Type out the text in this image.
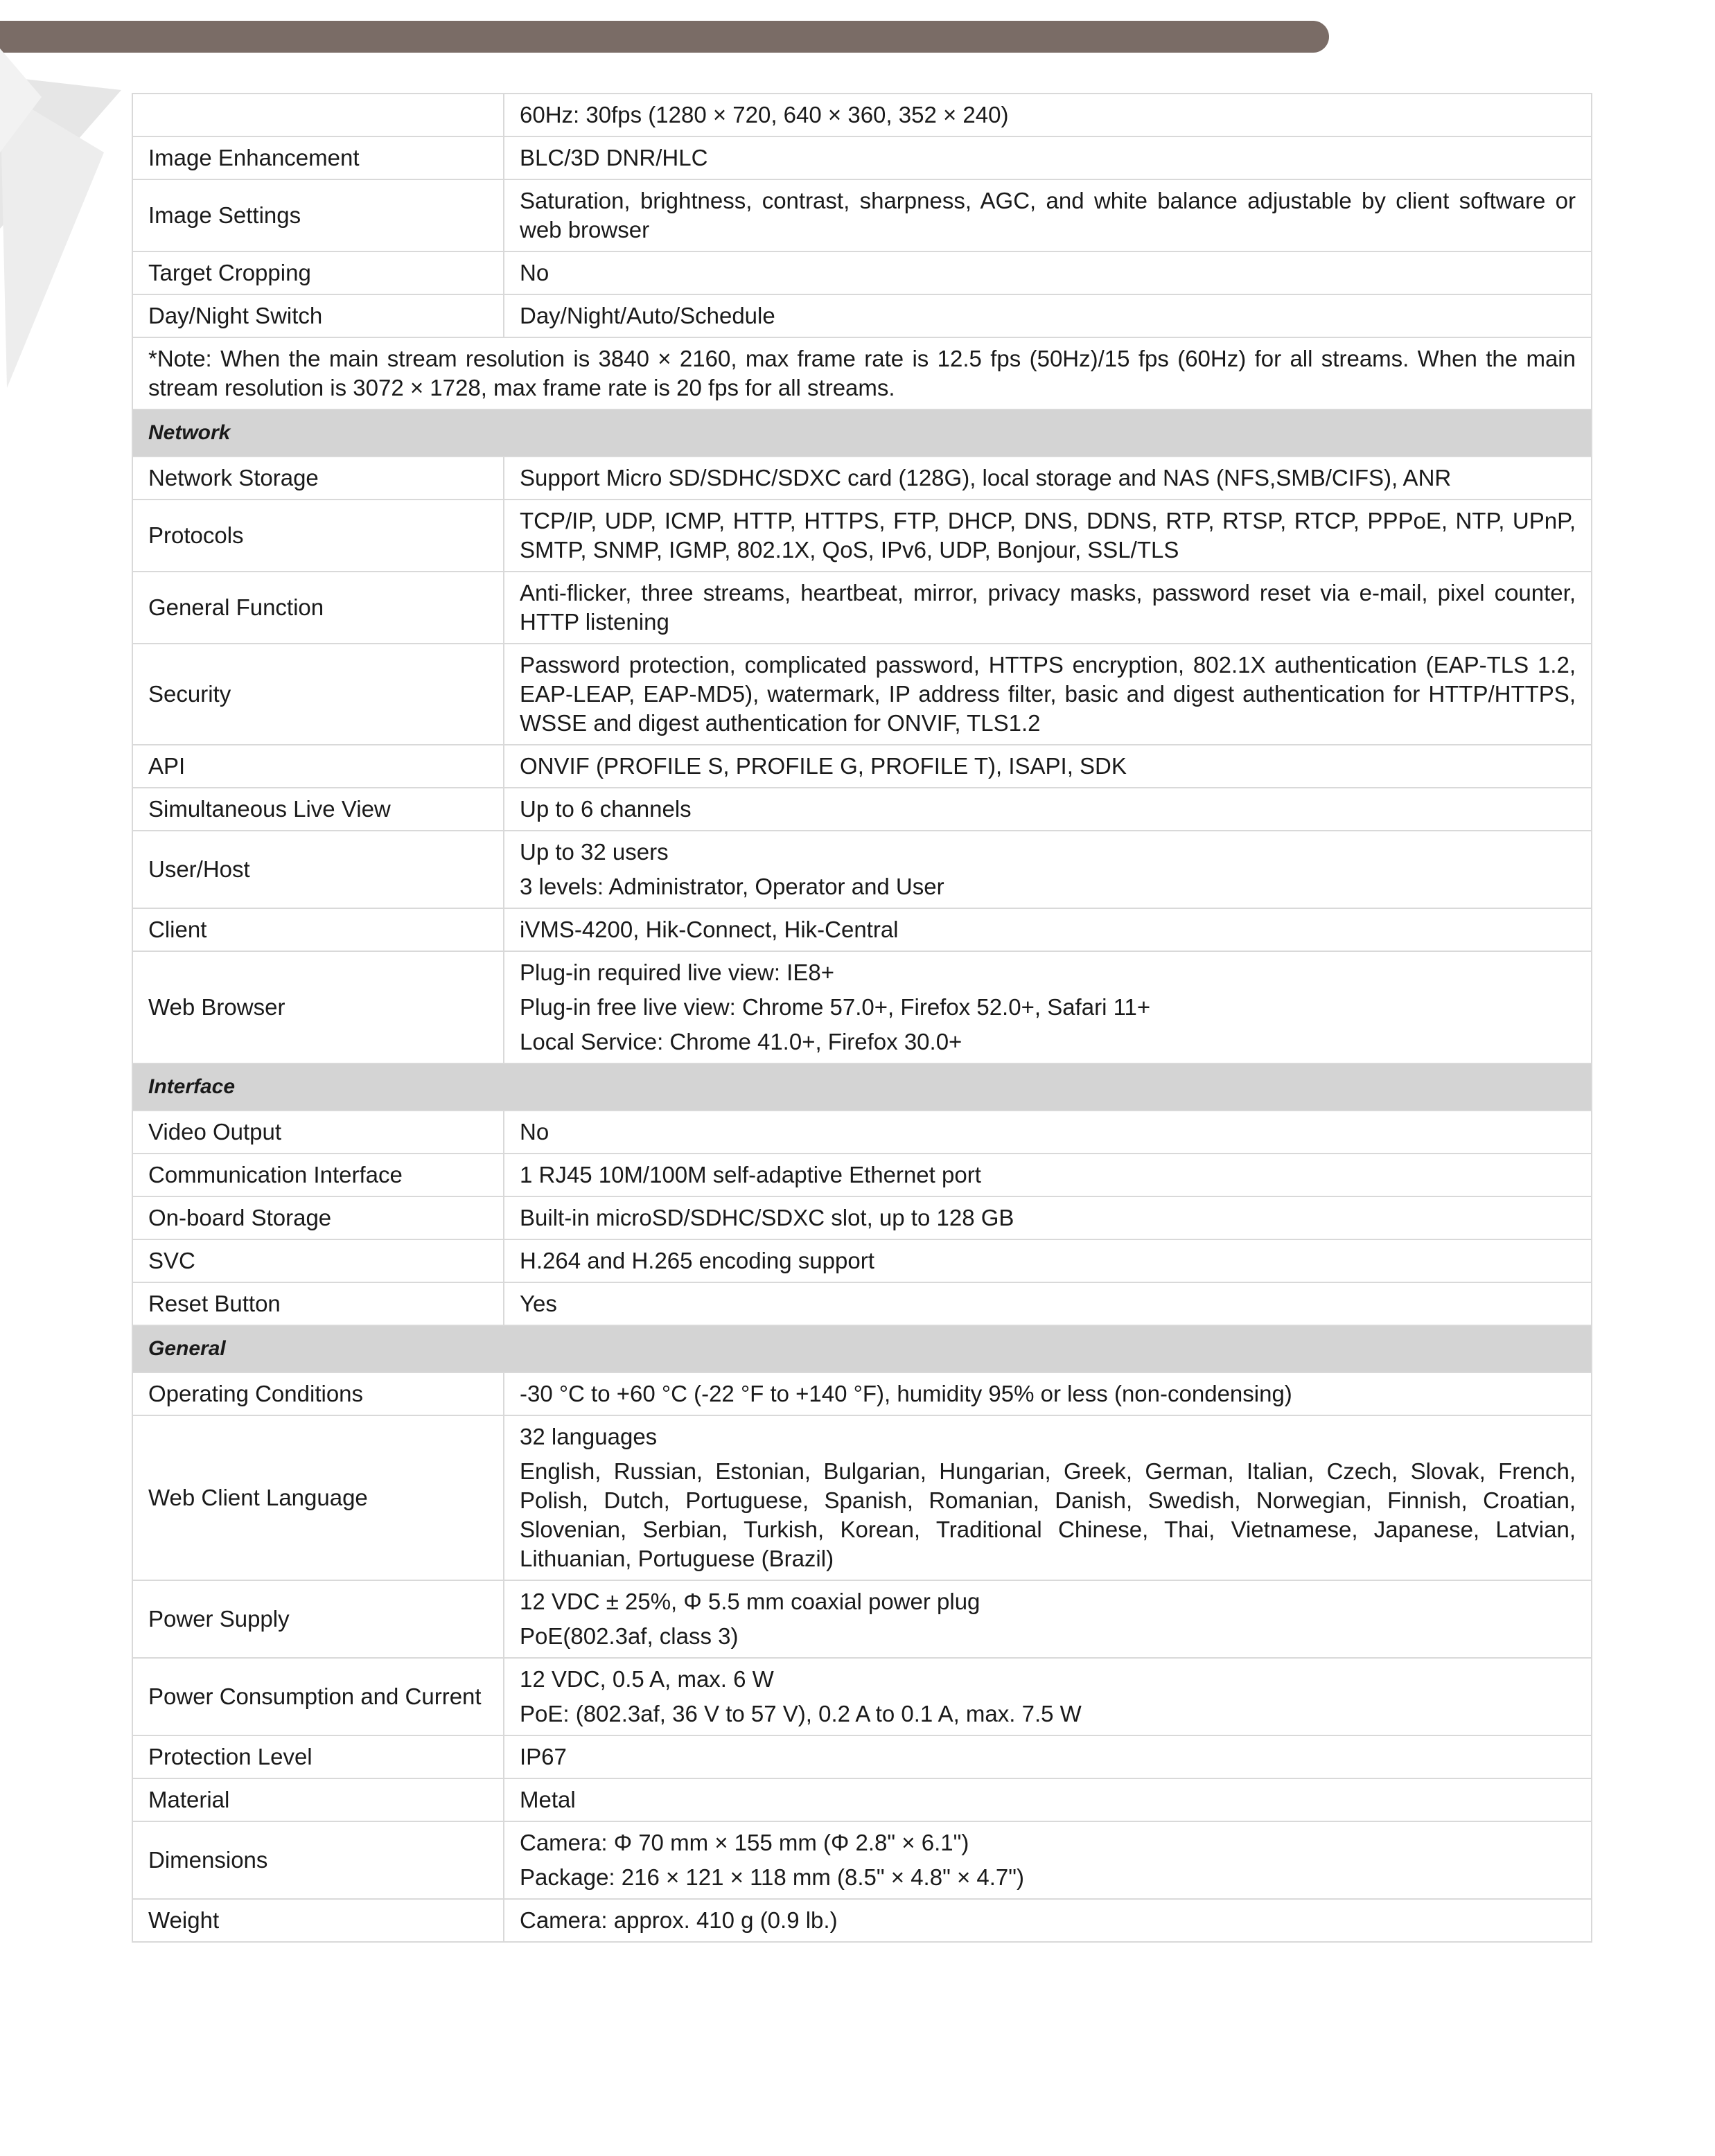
	60Hz: 30fps (1280 × 720, 640 × 360, 352 × 240)

Image Enhancement	BLC/3D DNR/HLC

Image Settings	Saturation, brightness, contrast, sharpness, AGC, and white balance adjustable by client software or web browser

Target Cropping	No

Day/Night Switch	Day/Night/Auto/Schedule

*Note: When the main stream resolution is 3840 × 2160, max frame rate is 12.5 fps (50Hz)/15 fps (60Hz) for all streams. When the main stream resolution is 3072 × 1728, max frame rate is 20 fps for all streams.	
Network	
Network Storage	Support Micro SD/SDHC/SDXC card (128G), local storage and NAS (NFS,SMB/CIFS), ANR

Protocols	TCP/IP, UDP, ICMP, HTTP, HTTPS, FTP, DHCP, DNS, DDNS, RTP, RTSP, RTCP, PPPoE, NTP, UPnP, SMTP, SNMP, IGMP, 802.1X, QoS, IPv6, UDP, Bonjour, SSL/TLS

General Function	Anti-flicker, three streams, heartbeat, mirror, privacy masks, password reset via e-mail, pixel counter, HTTP listening

Security	Password protection, complicated password, HTTPS encryption, 802.1X authentication (EAP-TLS 1.2, EAP-LEAP, EAP-MD5), watermark, IP address filter, basic and digest authentication for HTTP/HTTPS, WSSE and digest authentication for ONVIF, TLS1.2

API	ONVIF (PROFILE S, PROFILE G, PROFILE T), ISAPI, SDK

Simultaneous Live View	Up to 6 channels

User/Host	Up to 32 users
3 levels: Administrator, Operator and User

Client	iVMS-4200, Hik-Connect, Hik-Central

Web Browser	Plug-in required live view: IE8+
Plug-in free live view: Chrome 57.0+, Firefox 52.0+, Safari 11+
Local Service: Chrome 41.0+, Firefox 30.0+

Interface	
Video Output	No

Communication Interface	1 RJ45 10M/100M self-adaptive Ethernet port

On-board Storage	Built-in microSD/SDHC/SDXC slot, up to 128 GB

SVC	H.264 and H.265 encoding support

Reset Button	Yes

General	
Operating Conditions	-30 °C to +60 °C (-22 °F to +140 °F), humidity 95% or less (non-condensing)

Web Client Language	32 languages
English, Russian, Estonian, Bulgarian, Hungarian, Greek, German, Italian, Czech, Slovak, French, Polish, Dutch, Portuguese, Spanish, Romanian, Danish, Swedish, Norwegian, Finnish, Croatian, Slovenian, Serbian, Turkish, Korean, Traditional Chinese, Thai, Vietnamese, Japanese, Latvian, Lithuanian, Portuguese (Brazil)

Power Supply	12 VDC ± 25%, Φ 5.5 mm coaxial power plug
PoE(802.3af, class 3)

Power Consumption and Current	12 VDC, 0.5 A, max. 6 W
PoE: (802.3af, 36 V to 57 V), 0.2 A to 0.1 A, max. 7.5 W

Protection Level	IP67

Material	Metal

Dimensions	Camera: Φ 70 mm × 155 mm (Φ 2.8" × 6.1")
Package: 216 × 121 × 118 mm (8.5" × 4.8" × 4.7")

Weight	Camera: approx. 410 g (0.9 lb.)
